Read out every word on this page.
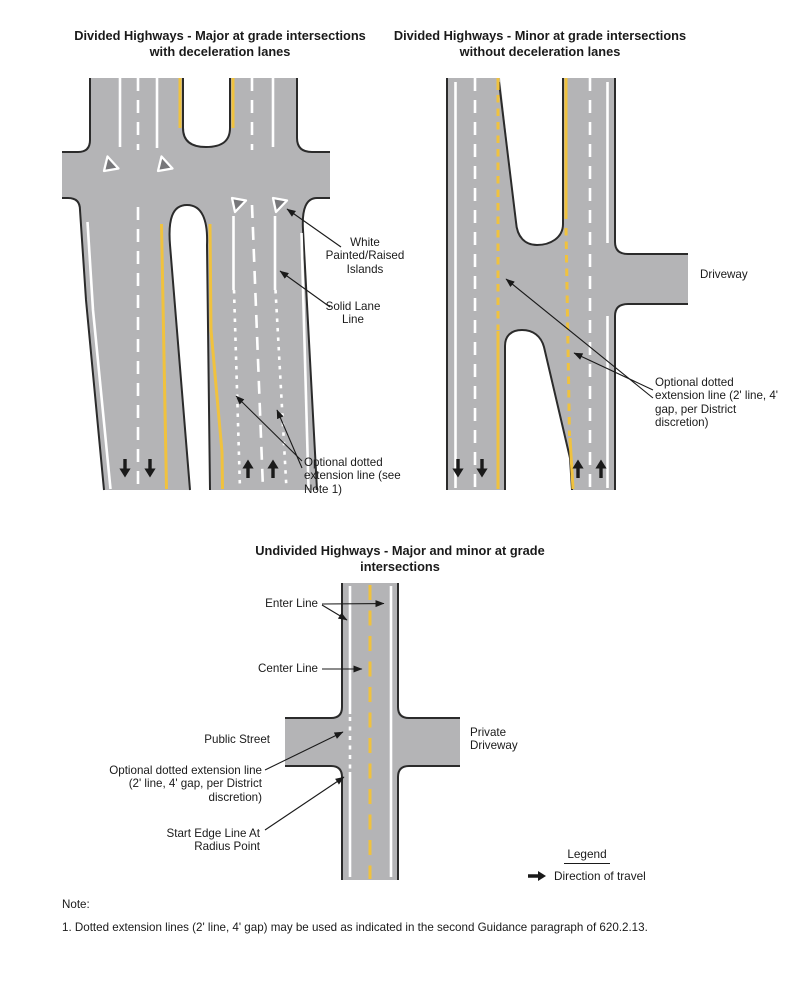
Divided Highways - Major at grade intersections with deceleration lanes
Divided Highways - Minor at grade intersections without deceleration lanes
Undivided Highways - Major and minor at grade intersections
White Painted/Raised Islands
Solid Lane Line
Optional dotted extension line (see Note 1)
Driveway
Optional dotted extension line (2' line, 4' gap, per District discretion)
Enter Line
Center Line
Public Street
Private Driveway
Optional dotted extension line (2' line, 4' gap, per District discretion)
Start Edge Line At Radius Point
Legend
Direction of travel
Note:
1. Dotted extension lines (2' line, 4' gap) may be used as indicated in the second Guidance paragraph of 620.2.13.
